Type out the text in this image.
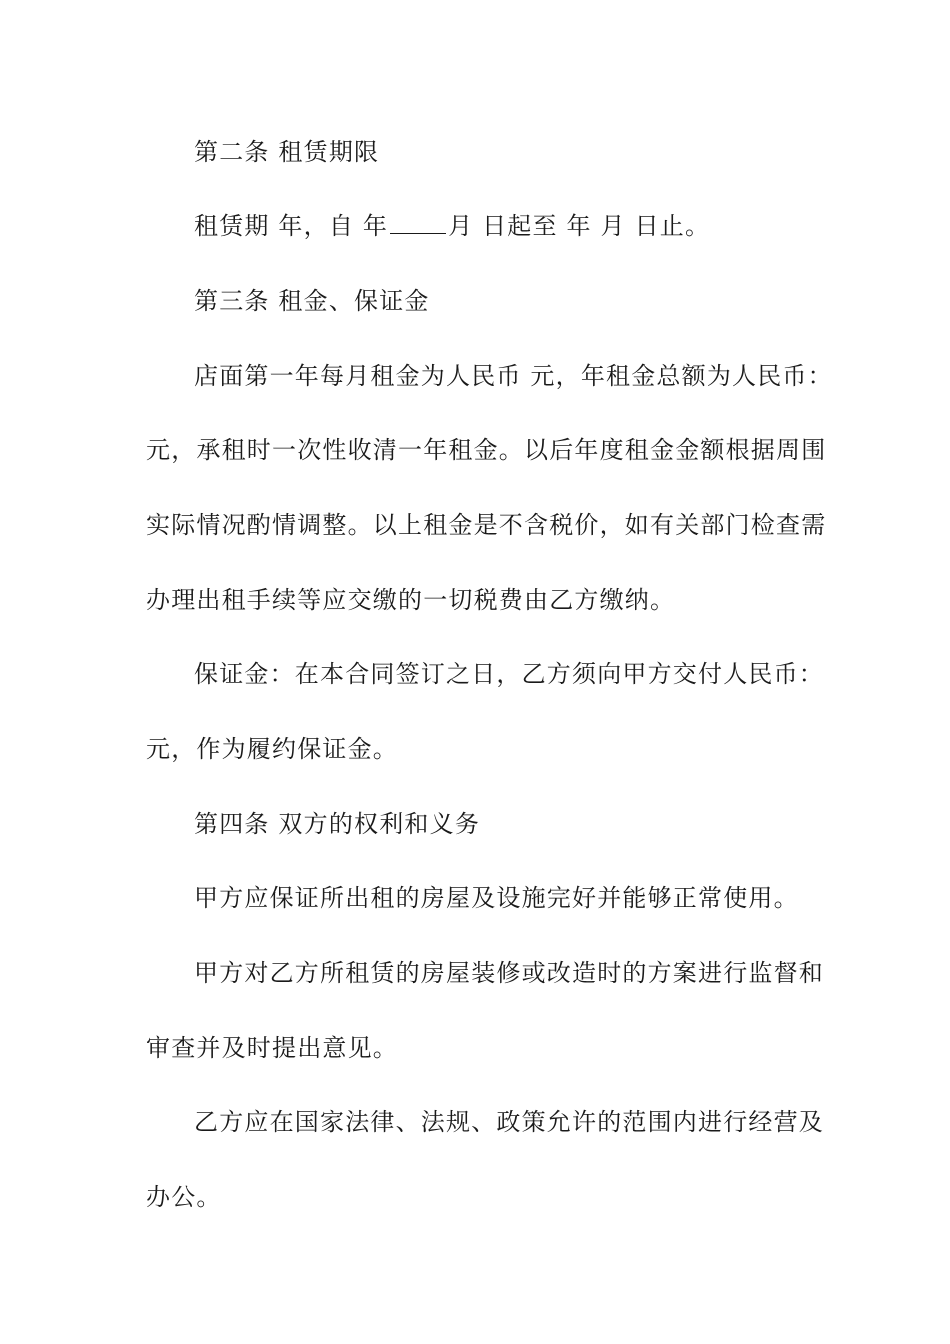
第二条 租赁期限
租赁期 年，自 年	月 日起至 年 月 日止。
第三条 租金、保证金
店面第一年每月租金为人民币 元，年租金总额为人民币：
元，承租时一次性收清一年租金。以后年度租金金额根据周围
实际情况酌情调整。以上租金是不含税价，如有关部门检查需
办理出租手续等应交缴的一切税费由乙方缴纳。
保证金：在本合同签订之日，乙方须向甲方交付人民币：
元，作为履约保证金。
第四条 双方的权利和义务
甲方应保证所出租的房屋及设施完好并能够正常使用。
甲方对乙方所租赁的房屋装修或改造时的方案进行监督和
审查并及时提出意见。
乙方应在国家法律、法规、政策允许的范围内进行经营及
办公。
